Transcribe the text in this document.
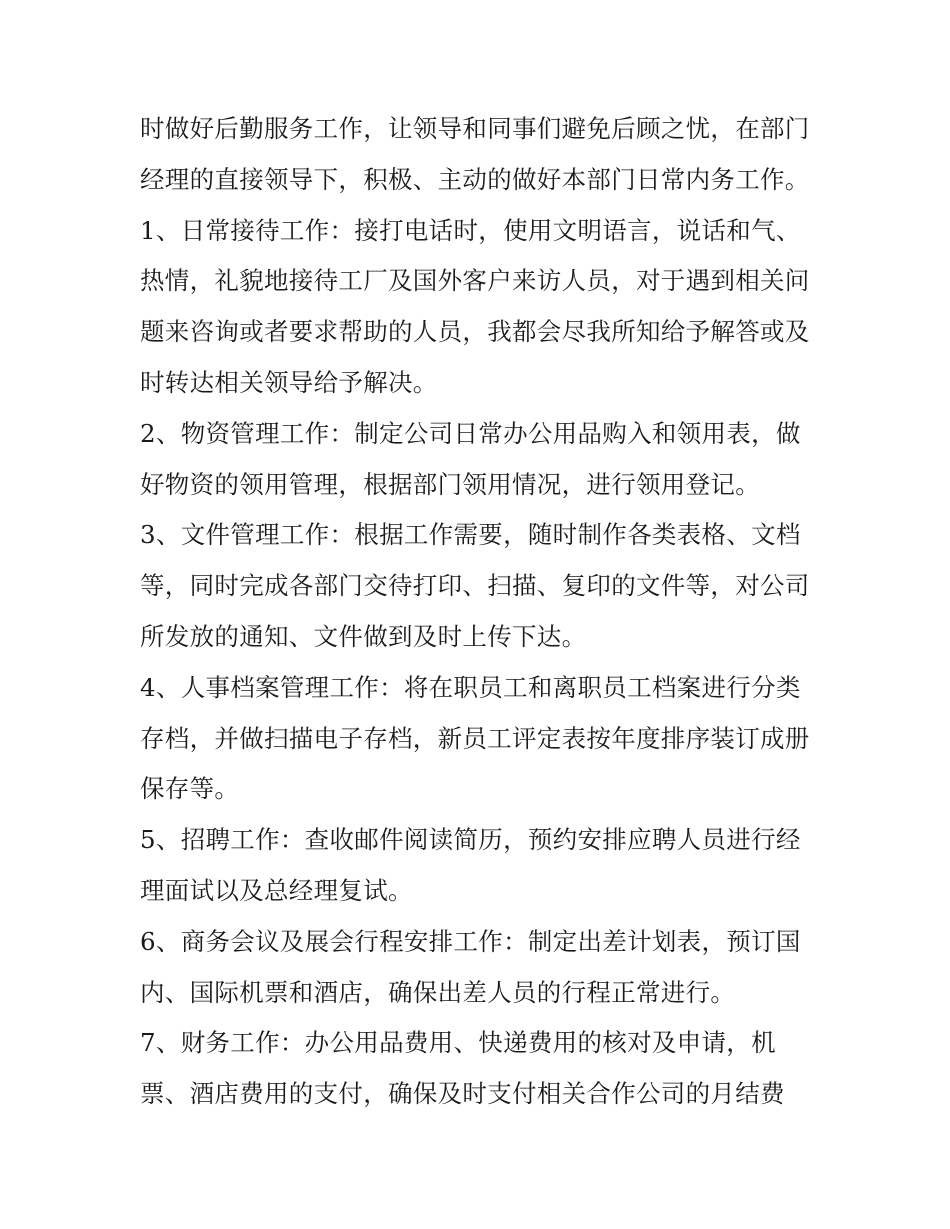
时做好后勤服务工作，让领导和同事们避免后顾之忧，在部门
经理的直接领导下，积极、主动的做好本部门日常内务工作。
1、日常接待工作：接打电话时，使用文明语言，说话和气、
热情，礼貌地接待工厂及国外客户来访人员，对于遇到相关问
题来咨询或者要求帮助的人员，我都会尽我所知给予解答或及
时转达相关领导给予解决。
2、物资管理工作：制定公司日常办公用品购入和领用表，做
好物资的领用管理，根据部门领用情况，进行领用登记。
3、文件管理工作：根据工作需要，随时制作各类表格、文档
等，同时完成各部门交待打印、扫描、复印的文件等，对公司
所发放的通知、文件做到及时上传下达。
4、人事档案管理工作：将在职员工和离职员工档案进行分类
存档，并做扫描电子存档，新员工评定表按年度排序装订成册
保存等。
5、招聘工作：查收邮件阅读简历，预约安排应聘人员进行经
理面试以及总经理复试。
6、商务会议及展会行程安排工作：制定出差计划表，预订国
内、国际机票和酒店，确保出差人员的行程正常进行。
7、财务工作：办公用品费用、快递费用的核对及申请，机
票、酒店费用的支付，确保及时支付相关合作公司的月结费
